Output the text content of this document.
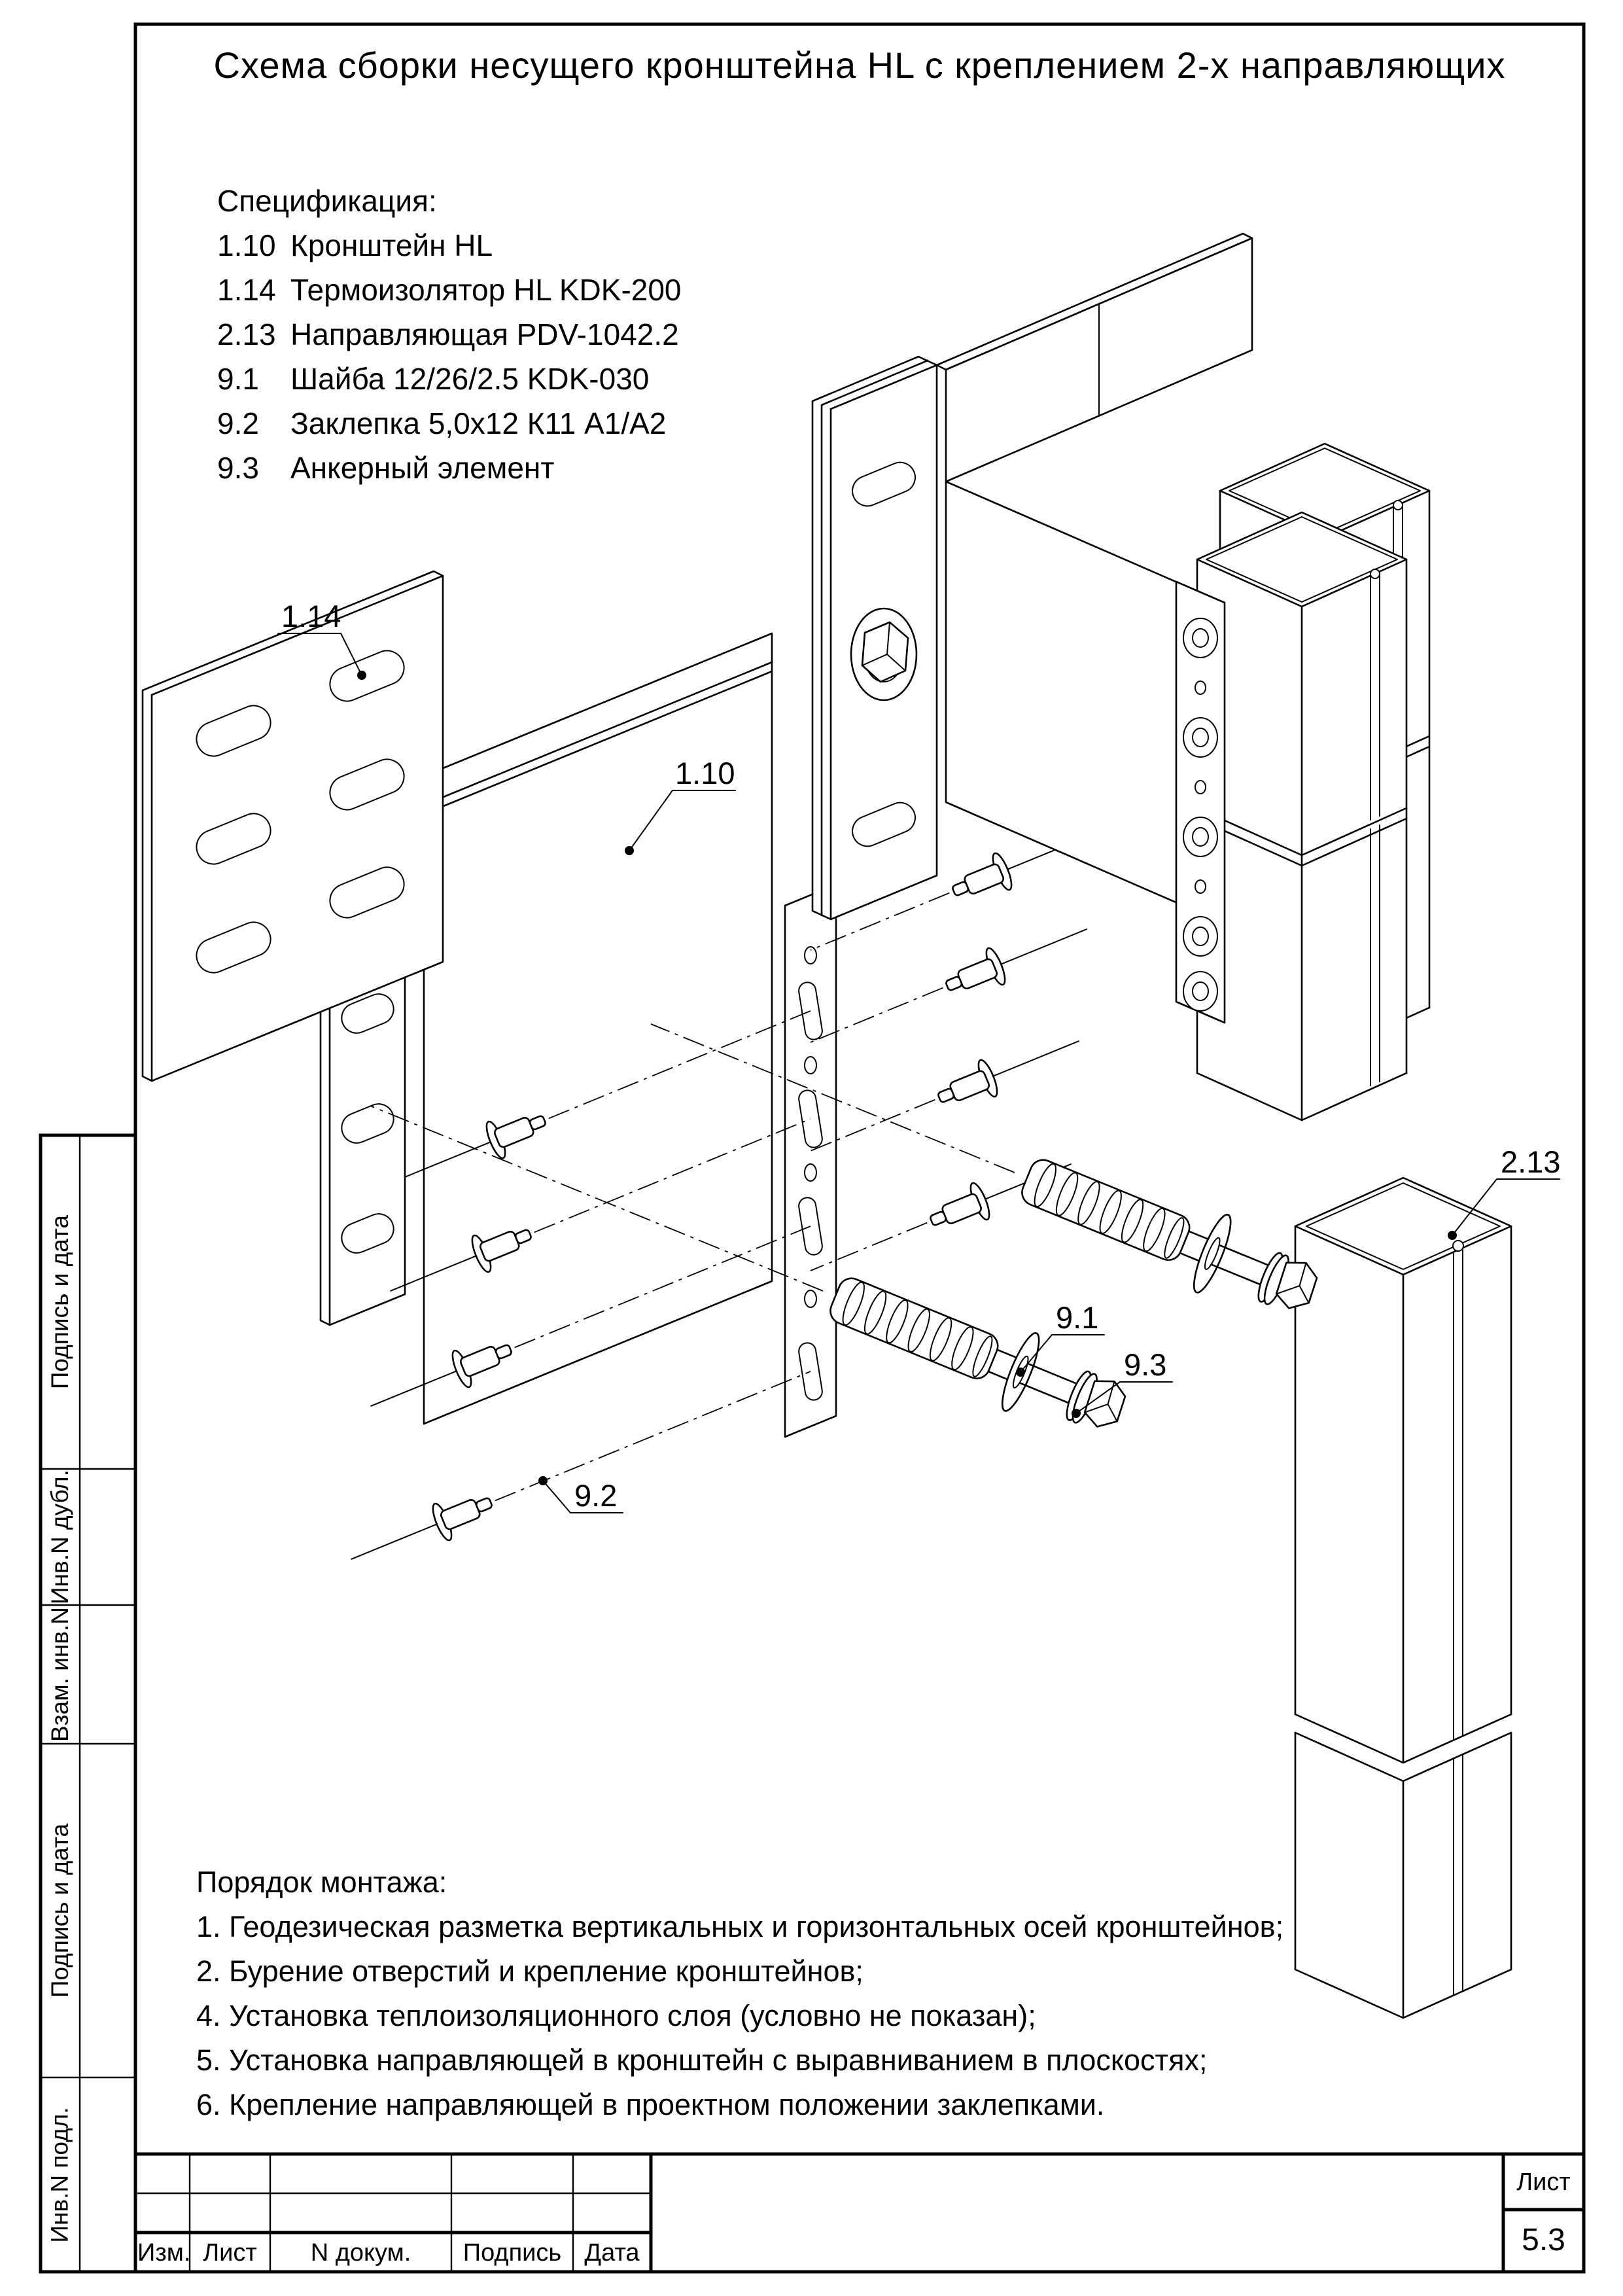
1.14
1.10
9.2
9.1
9.3
2.13
Схема сборки несущего кронштейна HL с креплением 2-х направляющих
Спецификация:
1.10 Кронштейн HL
1.14 Термоизолятор HL KDK-200
2.13 Направляющая PDV-1042.2
9.1 Шайба 12/26/2.5 KDK-030
9.2 Заклепка 5,0х12 К11 А1/А2
9.3 Анкерный элемент
Порядок монтажа:
1. Геодезическая разметка вертикальных и горизонтальных осей кронштейнов;
2. Бурение отверстий и крепление кронштейнов;
4. Установка теплоизоляционного слоя (условно не показан);
5. Установка направляющей в кронштейн с выравниванием в плоскостях;
6. Крепление направляющей в проектном положении заклепками.
Изм. Лист	N докум.	Подпись Дата
Лист
5.3
Подпись и дата
Инв.N дубл.
Взам. инв.N
Подпись и дата
Инв.N подл.
